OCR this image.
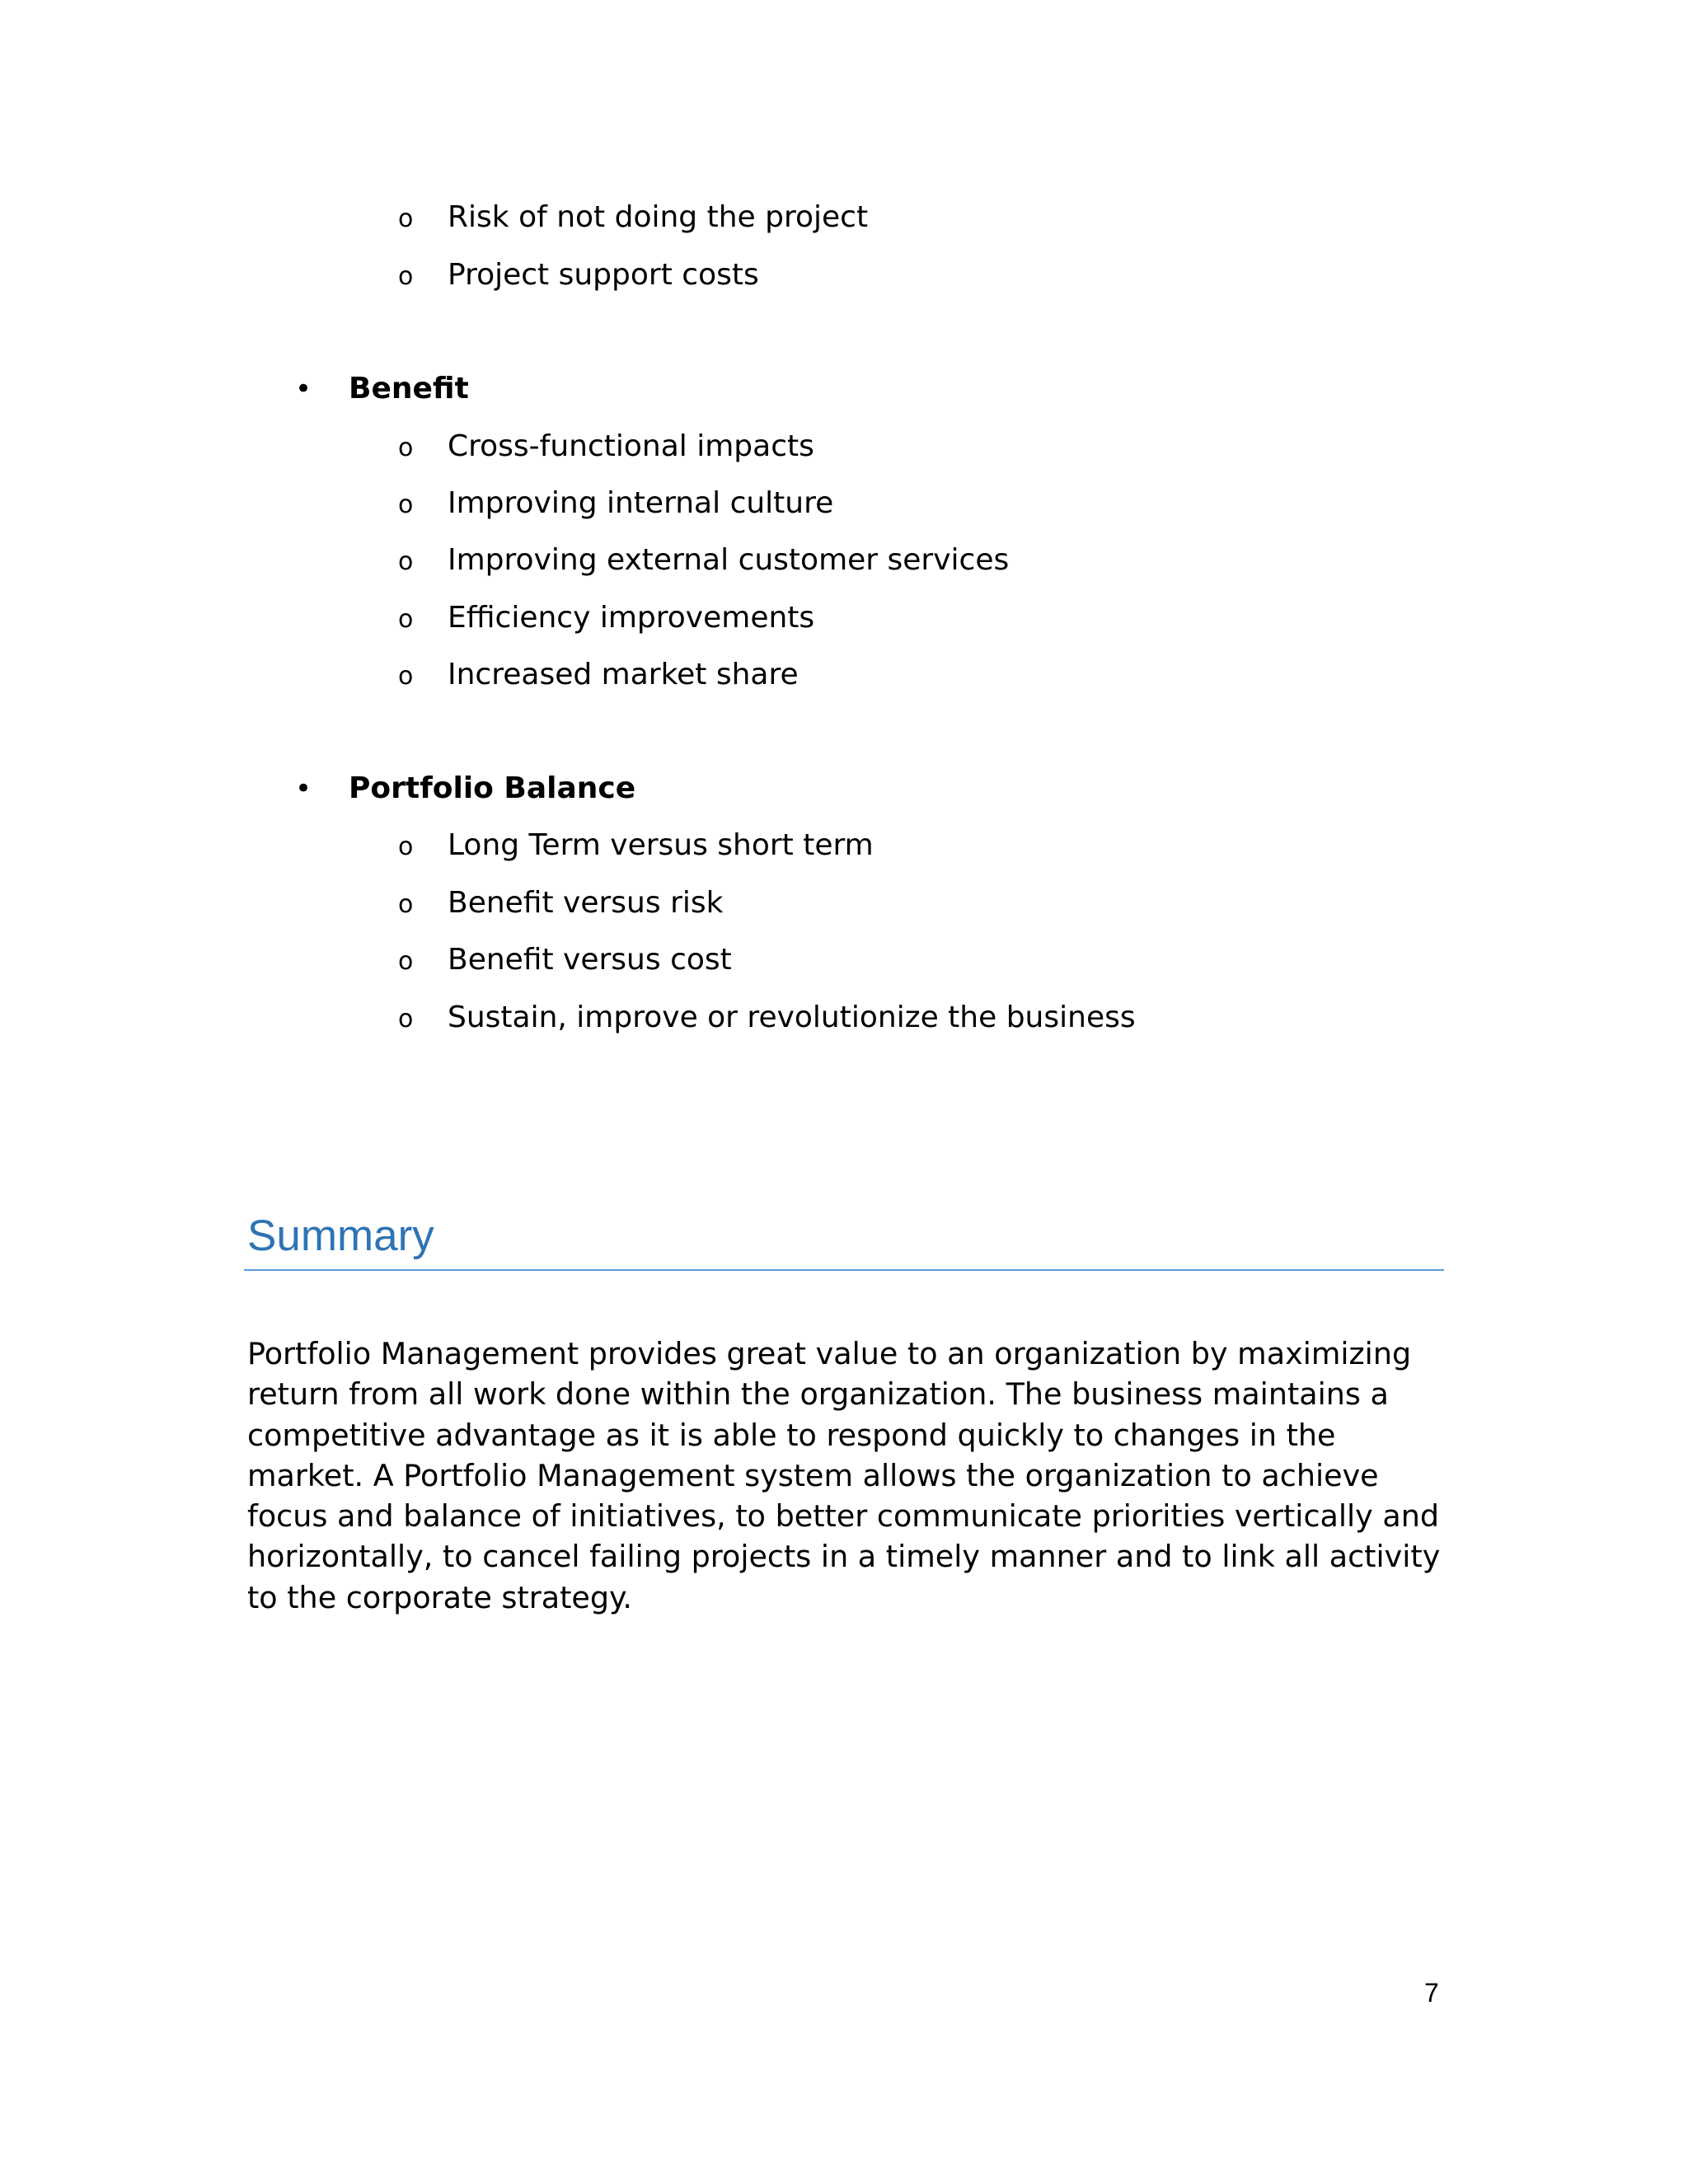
o	Risk of not doing the project
o	Project support costs
•	Benefit
o	Cross-functional impacts
o	Improving internal culture
o	Improving external customer services
o	Efficiency improvements
o	Increased market share
•	Portfolio Balance
o	Long Term versus short term
o	Benefit versus risk
o	Benefit versus cost
o	Sustain, improve or revolutionize the business
Summary

Portfolio Management provides great value to an organization by maximizing return from all work done within the organization. The business maintains a competitive advantage as it is able to respond quickly to changes in the market. A Portfolio Management system allows the organization to achieve focus and balance of initiatives, to better communicate priorities vertically and horizontally, to cancel failing projects in a timely manner and to link all activity to the corporate strategy.

7
